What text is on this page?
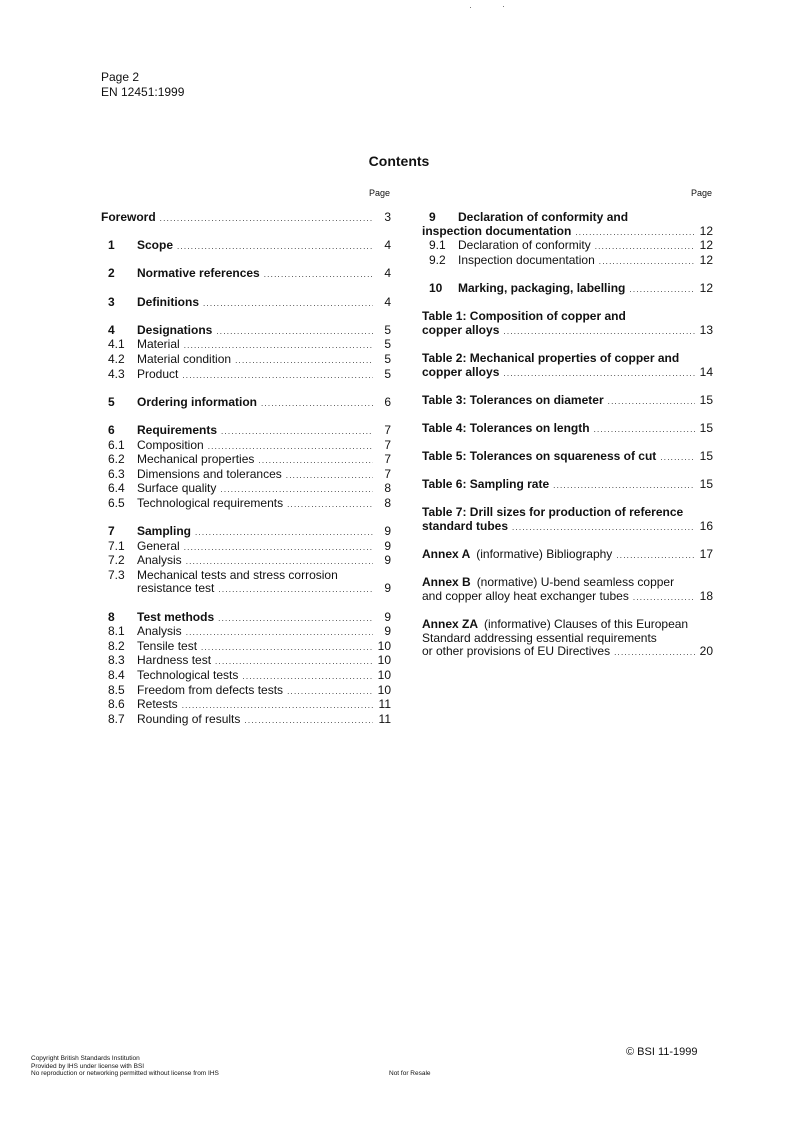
Page 2
EN 12451:1999
Contents
Page	Page
Foreword . . .	3
1	Scope . . .	4
2	Normative references . . .	4
3	Definitions . . .	4
4	Designations . . .	5
4.1	Material . . .	5
4.2	Material condition . . .	5
4.3	Product . . .	5
5	Ordering information . . .	6
6	Requirements . . .	7
6.1	Composition . . .	7
6.2	Mechanical properties . . .	7
6.3	Dimensions and tolerances . . .	7
6.4	Surface quality . . .	8
6.5	Technological requirements . . .	8
7	Sampling . . .	9
7.1	General . . .	9
7.2	Analysis . . .	9
7.3	Mechanical tests and stress corrosion
resistance test . . .	9
8	Test methods . . .	9
8.1	Analysis . . .	9
8.2	Tensile test . . .	10
8.3	Hardness test . . .	10
8.4	Technological tests . . .	10
8.5	Freedom from defects tests . . .	10
8.6	Retests . . .	11
8.7	Rounding of results . . .	11
9	Declaration of conformity and
inspection documentation . . .	12
9.1	Declaration of conformity . . .	12
9.2	Inspection documentation . . .	12
10	Marking, packaging, labelling . . .	12
Table 1: Composition of copper and
copper alloys . . .	13
Table 2: Mechanical properties of copper and
copper alloys . . .	14
Table 3: Tolerances on diameter . . .	15
Table 4: Tolerances on length . . .	15
Table 5: Tolerances on squareness of cut . . .	15
Table 6: Sampling rate . . .	15
Table 7: Drill sizes for production of reference
standard tubes . . .	16
Annex A (informative) Bibliography . . .	17
Annex B (normative) U-bend seamless copper
and copper alloy heat exchanger tubes . . .	18
Annex ZA (informative) Clauses of this European
Standard addressing essential requirements
or other provisions of EU Directives . . .	20
Copyright British Standards Institution
Provided by IHS under license with BSI
No reproduction or networking permitted without license from IHS	Not for Resale
© BSI 11-1999
